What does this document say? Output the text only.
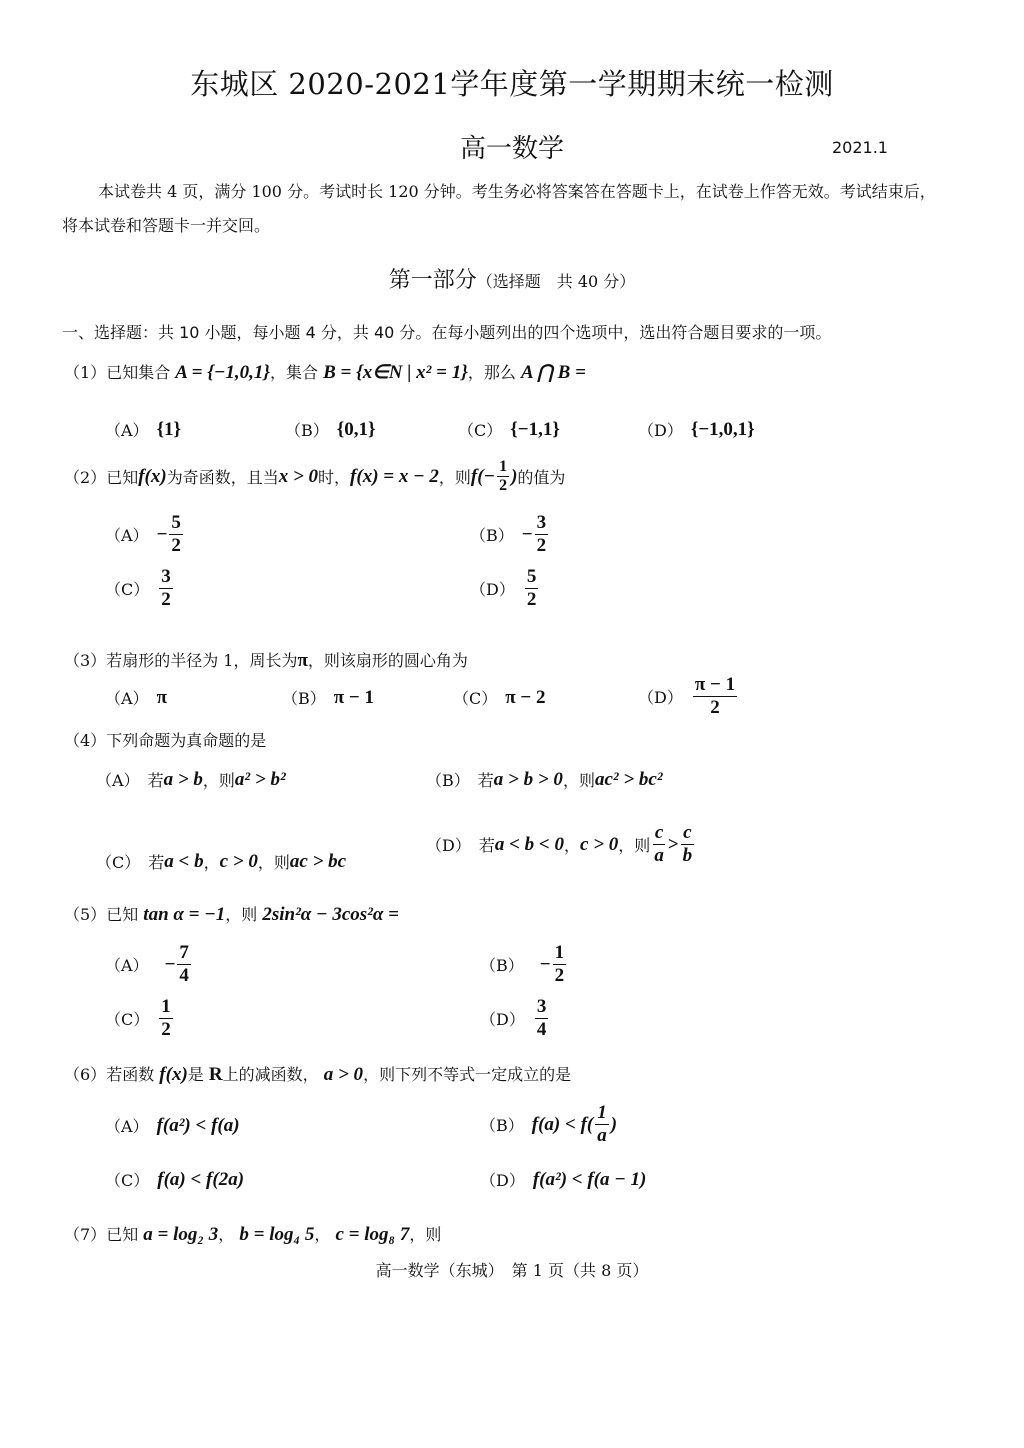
东城区 2020-2021学年度第一学期期末统一检测
高一数学	2021.1
本试卷共 4 页，满分 100 分。考试时长 120 分钟。考生务必将答案答在答题卡上，在试卷上作答无效。考试结束后，将本试卷和答题卡一并交回。
第一部分（选择题　共 40 分）
一、选择题：共 10 小题，每小题 4 分，共 40 分。在每小题列出的四个选项中，选出符合题目要求的一项。
（1）已知集合 A = {−1,0,1}，集合 B = {x∈N | x² = 1}，那么 A ⋂ B =
（A） {1}	（B） {0,1}	（C） {−1,1}	（D） {−1,0,1}
（2） 已知 f(x) 为奇函数，且当 x > 0 时， f(x) = x − 2 ，则 $f(- \frac{1}{2}$ ) 的值为
$(A) - \frac{5}{2}$	$(B) - \frac{3}{2}$
$(C) \frac{3}{2}$	$(D) \frac{5}{2}$
（3）若扇形的半径为 1，周长为π，则该扇形的圆心角为
（A） π	（B） π − 1	（C） π − 2	$(D) \frac{\pi - 1}{2}$
（4）下列命题为真命题的是
（A） 若 a > b ，则 a² > b²	（B） 若 a > b > 0 ，则 ac² > bc²
（C） 若 a < b ， c > 0 ，则 ac > bc
（D） 若 a < b < 0 ， c > 0 ，则 $\frac{c}{a} > \frac{c}{b}$
（5）已知 tan α = −1，则 2sin²α − 3cos²α =
$(A) - \frac{7}{4}$	$(B) - \frac{1}{2}$
$(C) \frac{1}{2}$	$(D) \frac{3}{4}$
（6）若函数 f(x)是 R上的减函数， a > 0，则下列不等式一定成立的是
（A） f(a²) < f(a)	（B） $f(a) < f( \frac{1}{a}$ )
（C） f(a) < f(2a)	（D） f(a²) < f(a − 1)
（7）已知 a = log₂ 3， b = log₄ 5， c = log₈ 7，则
高一数学（东城）　第 1 页（共 8 页）
